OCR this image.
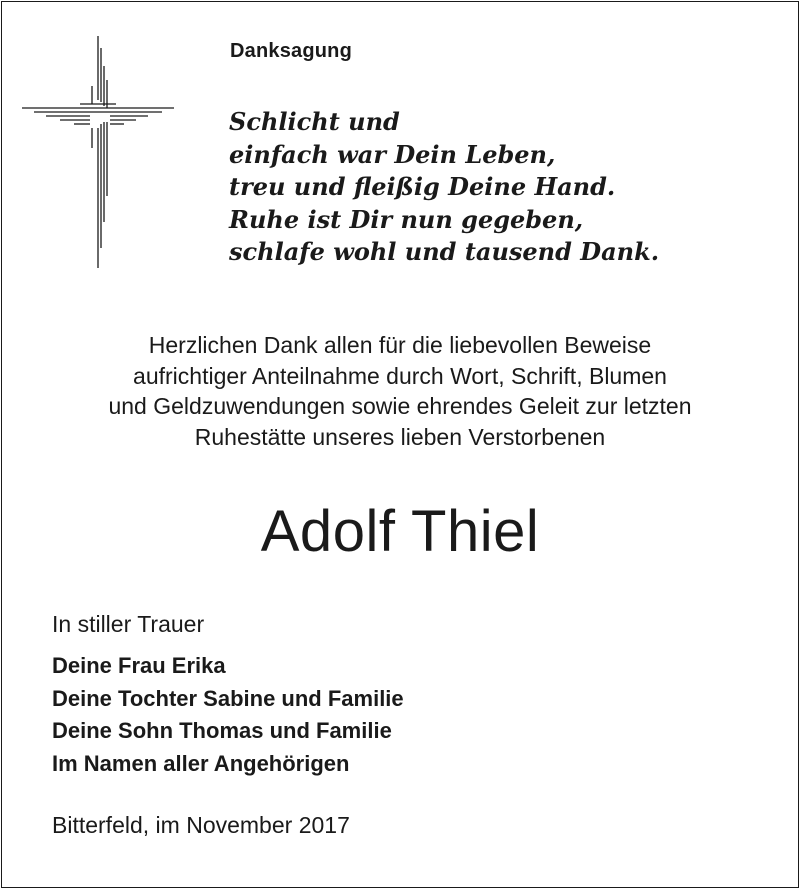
Danksagung
Schlicht und
einfach war Dein Leben,
treu und fleißig Deine Hand.
Ruhe ist Dir nun gegeben,
schlafe wohl und tausend Dank.
Herzlichen Dank allen für die liebevollen Beweise
aufrichtiger Anteilnahme durch Wort, Schrift, Blumen
und Geldzuwendungen sowie ehrendes Geleit zur letzten
Ruhestätte unseres lieben Verstorbenen
Adolf Thiel
In stiller Trauer
Deine Frau Erika
Deine Tochter Sabine und Familie
Deine Sohn Thomas und Familie
Im Namen aller Angehörigen
Bitterfeld, im November 2017
